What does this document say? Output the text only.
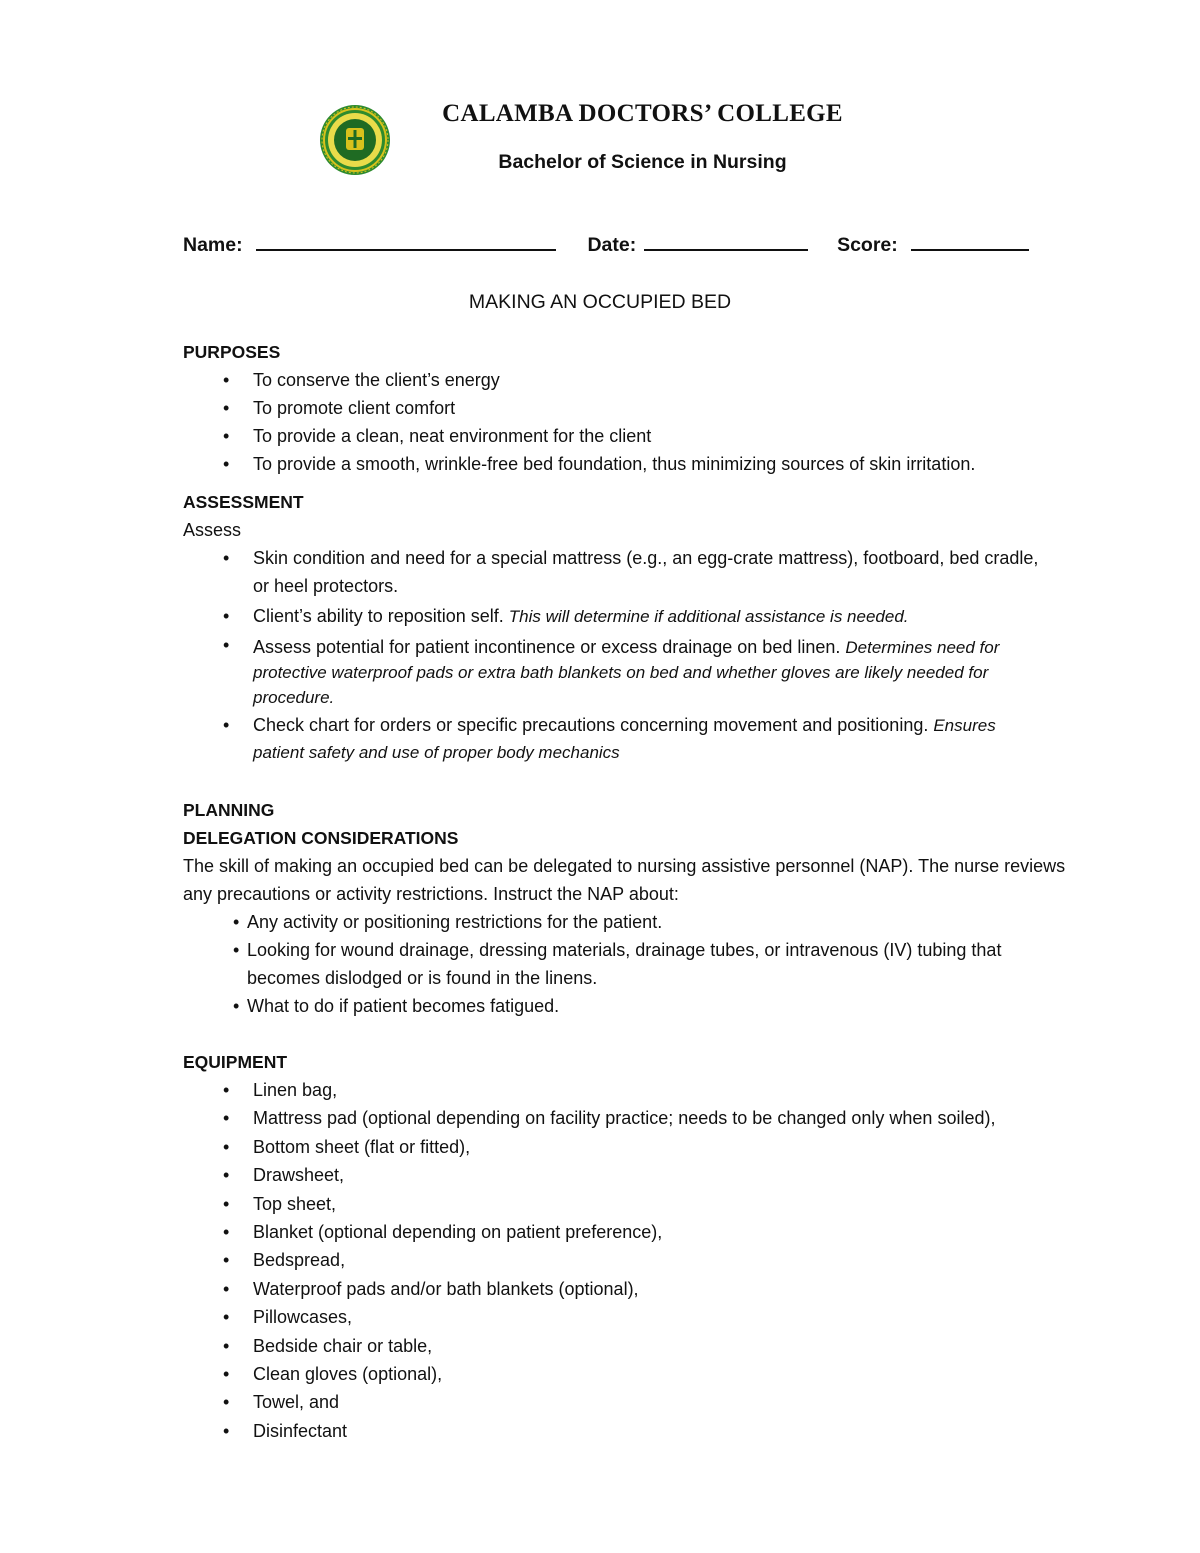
CALAMBA DOCTORS’ COLLEGE
Bachelor of Science in Nursing
Name:	Date:	Score:
MAKING AN OCCUPIED BED
PURPOSES
• To conserve the client’s energy
• To promote client comfort
• To provide a clean, neat environment for the client
• To provide a smooth, wrinkle-free bed foundation, thus minimizing sources of skin irritation.
ASSESSMENT
Assess
• Skin condition and need for a special mattress (e.g., an egg-crate mattress), footboard, bed cradle, or heel protectors.
• Client’s ability to reposition self. This will determine if additional assistance is needed.
• Assess potential for patient incontinence or excess drainage on bed linen. Determines need for protective waterproof pads or extra bath blankets on bed and whether gloves are likely needed for procedure.
• Check chart for orders or specific precautions concerning movement and positioning. Ensures patient safety and use of proper body mechanics
PLANNING
DELEGATION CONSIDERATIONS
The skill of making an occupied bed can be delegated to nursing assistive personnel (NAP). The nurse reviews any precautions or activity restrictions. Instruct the NAP about:
• Any activity or positioning restrictions for the patient.
• Looking for wound drainage, dressing materials, drainage tubes, or intravenous (IV) tubing that becomes dislodged or is found in the linens.
• What to do if patient becomes fatigued.
EQUIPMENT
• Linen bag,
• Mattress pad (optional depending on facility practice; needs to be changed only when soiled),
• Bottom sheet (flat or fitted),
• Drawsheet,
• Top sheet,
• Blanket (optional depending on patient preference),
• Bedspread,
• Waterproof pads and/or bath blankets (optional),
• Pillowcases,
• Bedside chair or table,
• Clean gloves (optional),
• Towel, and
• Disinfectant
